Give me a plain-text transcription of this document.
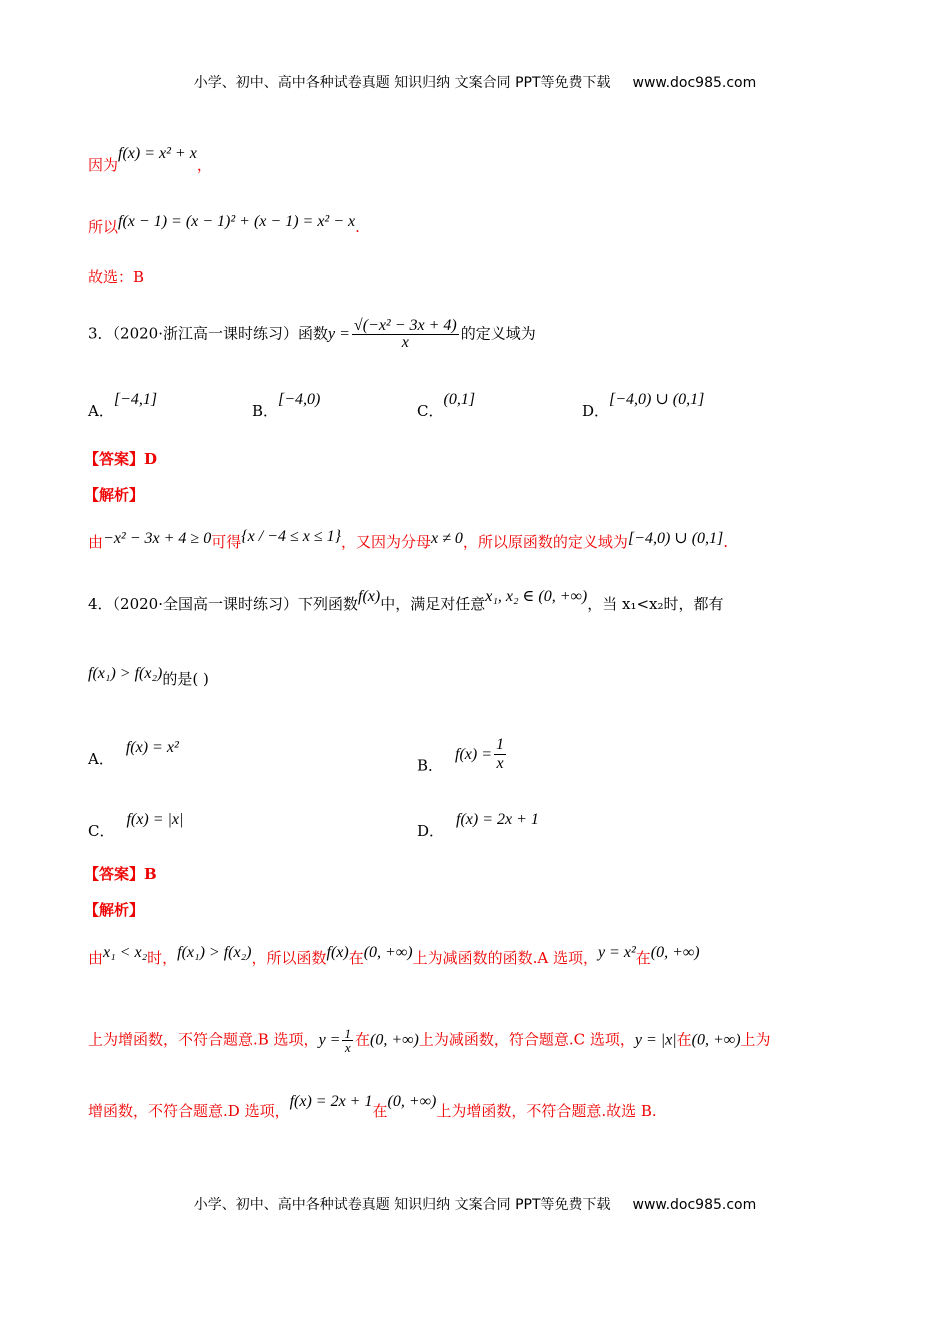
小学、初中、高中各种试卷真题 知识归纳 文案合同 PPT等免费下载 www.doc985.com
因为f(x) = x² + x，
所以f(x − 1) = (x − 1)² + (x − 1) = x² − x.
故选：B
3．（2020·浙江高一课时练习）函数$y = \frac{\text{√(−x² − 3x + 4)}}{x}$ 的定义域为
A．[−4,1]
B．[−4,0)
C．(0,1]
D．[−4,0) ∪ (0,1]
【答案】D
【解析】
由−x² − 3x + 4 ≥ 0可得{x / −4 ≤ x ≤ 1}，又因为分母x ≠ 0，所以原函数的定义域为[−4,0) ∪ (0,1].
4．（2020·全国高一课时练习）下列函数f(x)中，满足对任意x₁, x₂ ∈ (0, +∞)，当 x₁<x₂时，都有
f(x₁) > f(x₂)的是( )
A．f(x) = x²
B．$f(x) = \frac{1}{x}$
C．f(x) = |x|
D．f(x) = 2x + 1
【答案】B
【解析】
由x₁ < x₂时，f(x₁) > f(x₂)，所以函数f(x)在(0, +∞)上为减函数的函数.A 选项，y = x²在(0, +∞)
上为增函数，不符合题意.B 选项，$y = \frac{1}{x}$ 在(0, +∞)上为减函数，符合题意.C 选项，y = |x|在(0, +∞)上为
增函数，不符合题意.D 选项，f(x) = 2x + 1在(0, +∞)上为增函数，不符合题意.故选 B.
小学、初中、高中各种试卷真题 知识归纳 文案合同 PPT等免费下载 www.doc985.com
